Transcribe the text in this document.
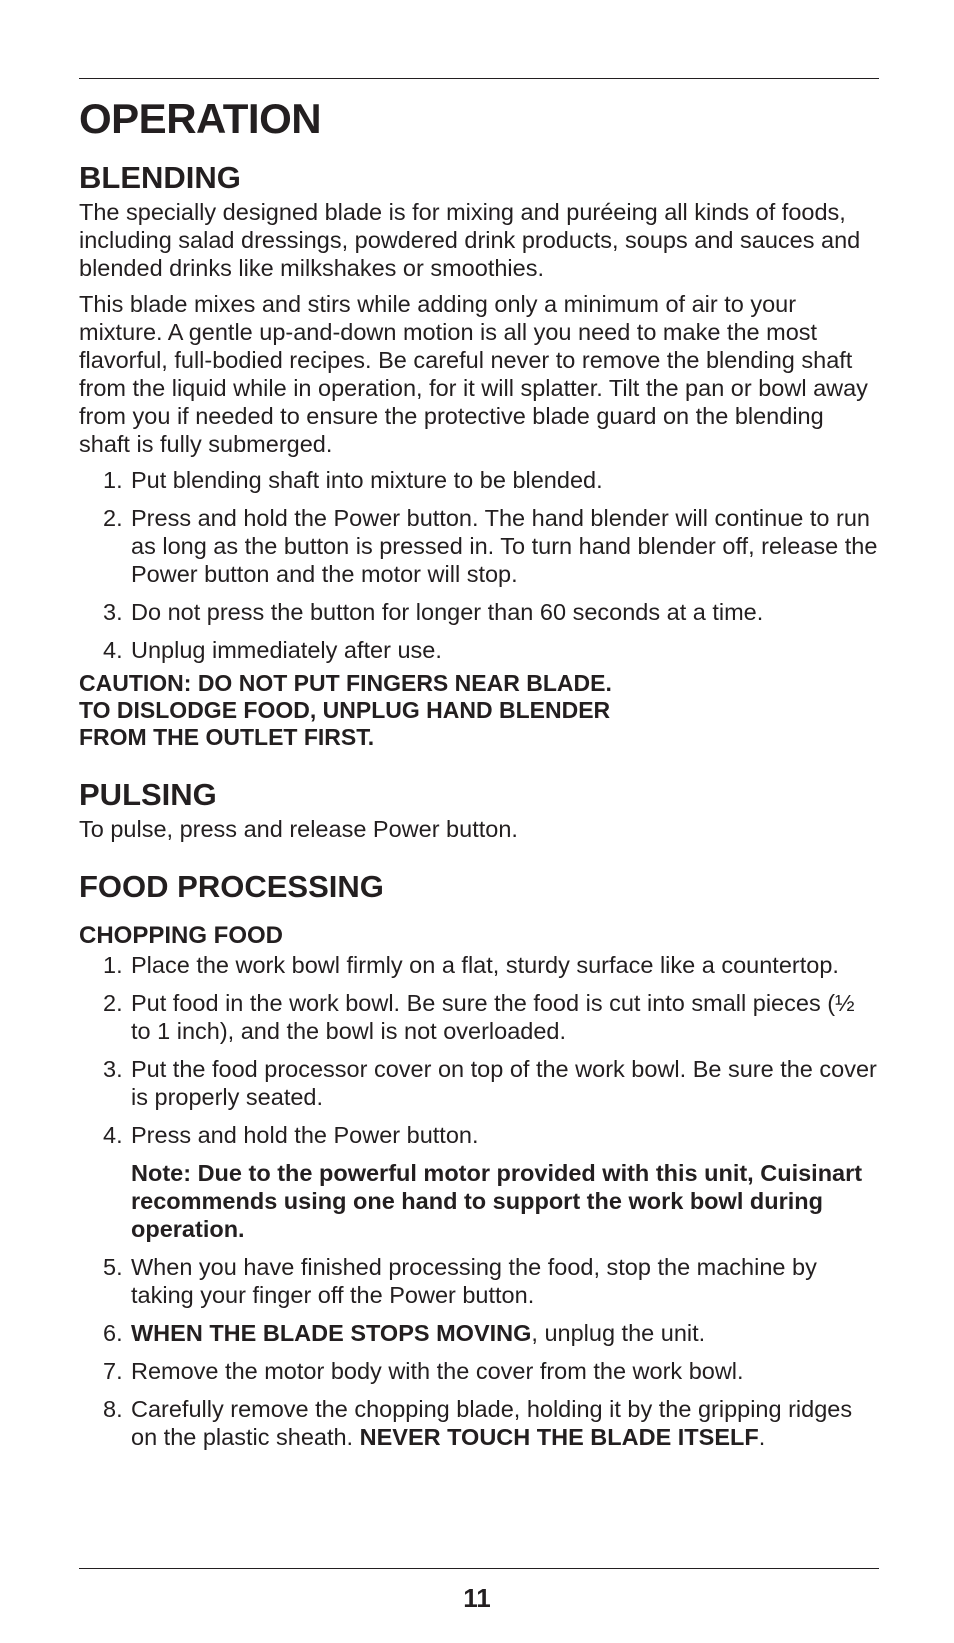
OPERATION
BLENDING

The specially designed blade is for mixing and puréeing all kinds of foods, including salad dressings, powdered drink products, soups and sauces and blended drinks like milkshakes or smoothies.

This blade mixes and stirs while adding only a minimum of air to your mixture. A gentle up-and-down motion is all you need to make the most flavorful, full-bodied recipes. Be careful never to remove the blending shaft from the liquid while in operation, for it will splatter. Tilt the pan or bowl away from you if needed to ensure the protective blade guard on the blending shaft is fully submerged.

1. Put blending shaft into mixture to be blended.
2. Press and hold the Power button. The hand blender will continue to run as long as the button is pressed in. To turn hand blender off, release the Power button and the motor will stop.
3. Do not press the button for longer than 60 seconds at a time.
4. Unplug immediately after use.
CAUTION: DO NOT PUT FINGERS NEAR BLADE.
TO DISLODGE FOOD, UNPLUG HAND BLENDER
FROM THE OUTLET FIRST.
PULSING

To pulse, press and release Power button.

FOOD PROCESSING
CHOPPING FOOD
1. Place the work bowl firmly on a flat, sturdy surface like a countertop.
2. Put food in the work bowl. Be sure the food is cut into small pieces (½ to 1 inch), and the bowl is not overloaded.
3. Put the food processor cover on top of the work bowl. Be sure the cover is properly seated.
4. Press and hold the Power button.
Note: Due to the powerful motor provided with this unit, Cuisinart recommends using one hand to support the work bowl during operation.
5. When you have finished processing the food, stop the machine by taking your finger off the Power button.
6. WHEN THE BLADE STOPS MOVING, unplug the unit.
7. Remove the motor body with the cover from the work bowl.
8. Carefully remove the chopping blade, holding it by the gripping ridges on the plastic sheath. NEVER TOUCH THE BLADE ITSELF.
11
